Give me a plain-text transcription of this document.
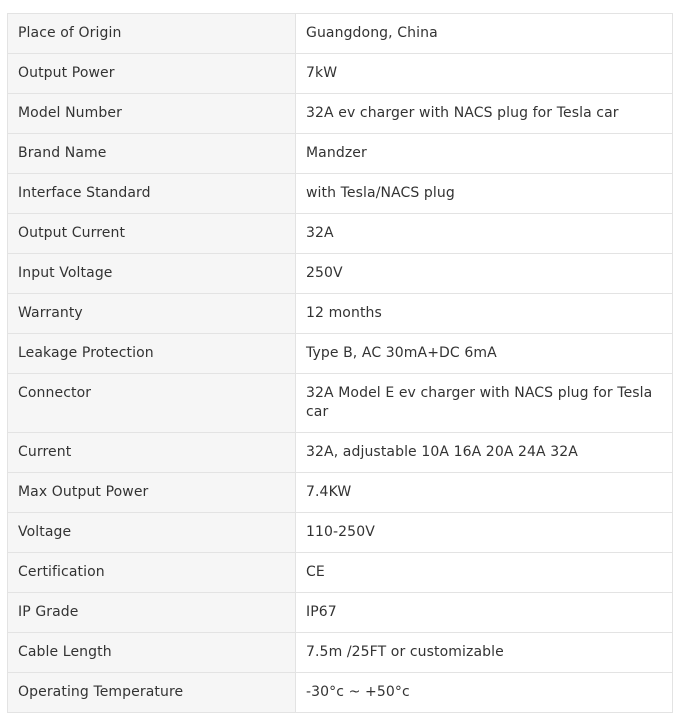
Place of Origin	Guangdong, China
Output Power	7kW
Model Number	32A ev charger with NACS plug for Tesla car
Brand Name	Mandzer
Interface Standard	with Tesla/NACS plug
Output Current	32A
Input Voltage	250V
Warranty	12 months
Leakage Protection	Type B, AC 30mA+DC 6mA
Connector	32A Model E ev charger with NACS plug for Tesla car
Current	32A, adjustable 10A 16A 20A 24A 32A
Max Output Power	7.4KW
Voltage	110-250V
Certification	CE
IP Grade	IP67
Cable Length	7.5m /25FT or customizable
Operating Temperature	-30°c ~ +50°c
